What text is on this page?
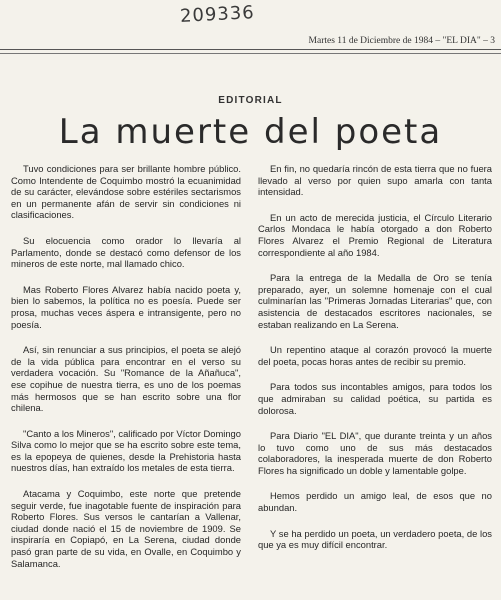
209336
Martes 11 de Diciembre de 1984 – "EL DIA" – 3
EDITORIAL
La muerte del poeta

Tuvo condiciones para ser brillante hombre público. Como Intendente de Coquimbo mostró la ecuanimidad de su carácter, elevándose sobre estériles sectarismos en un permanente afán de servir sin condiciones ni clasificaciones.

Su elocuencia como orador lo llevaría al Parlamento, donde se destacó como defensor de los mineros de este norte, mal llamado chico.

Mas Roberto Flores Alvarez había nacido poeta y, bien lo sabemos, la política no es poesía. Puede ser prosa, muchas veces áspera e intransigente, pero no poesía.

Así, sin renunciar a sus principios, el poeta se alejó de la vida pública para encontrar en el verso su verdadera vocación. Su "Romance de la Añañuca", ese copihue de nuestra tierra, es uno de los poemas más hermosos que se han escrito sobre una flor chilena.

"Canto a los Mineros", calificado por Víctor Domingo Silva como lo mejor que se ha escrito sobre este tema, es la epopeya de quienes, desde la Prehistoria hasta nuestros días, han extraído los metales de esta tierra.

Atacama y Coquimbo, este norte que pretende seguir verde, fue inagotable fuente de inspiración para Roberto Flores. Sus versos le cantarían a Vallenar, ciudad donde nació el 15 de noviembre de 1909. Se inspiraría en Copiapó, en La Serena, ciudad donde pasó gran parte de su vida, en Ovalle, en Coquimbo y Salamanca.

En fin, no quedaría rincón de esta tierra que no fuera llevado al verso por quien supo amarla con tanta intensidad.

En un acto de merecida justicia, el Círculo Literario Carlos Mondaca le había otorgado a don Roberto Flores Alvarez el Premio Regional de Literatura correspondiente al año 1984.

Para la entrega de la Medalla de Oro se tenía preparado, ayer, un solemne homenaje con el cual culminarían las "Primeras Jornadas Literarias" que, con asistencia de destacados escritores nacionales, se estaban realizando en La Serena.

Un repentino ataque al corazón provocó la muerte del poeta, pocas horas antes de recibir su premio.

Para todos sus incontables amigos, para todos los que admiraban su calidad poética, su partida es dolorosa.

Para Diario "EL DIA", que durante treinta y un años lo tuvo como uno de sus más destacados colaboradores, la inesperada muerte de don Roberto Flores ha significado un doble y lamentable golpe.

Hemos perdido un amigo leal, de esos que no abundan.

Y se ha perdido un poeta, un verdadero poeta, de los que ya es muy difícil encontrar.
